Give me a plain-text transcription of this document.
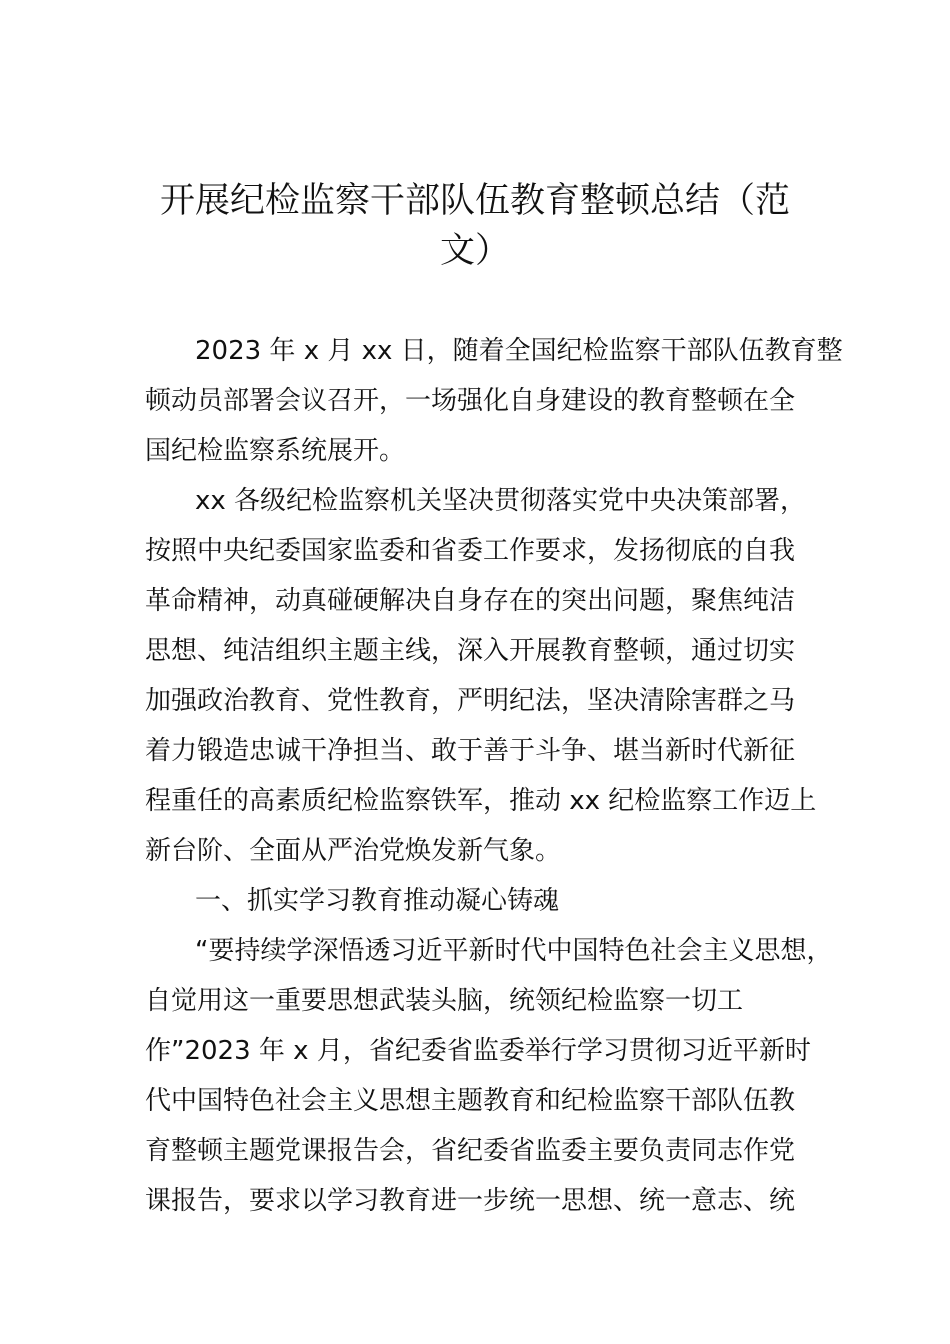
开展纪检监察干部队伍教育整顿总结（范
文）

2023 年 x 月 xx 日，随着全国纪检监察干部队伍教育整
顿动员部署会议召开，一场强化自身建设的教育整顿在全
国纪检监察系统展开。

xx 各级纪检监察机关坚决贯彻落实党中央决策部署，
按照中央纪委国家监委和省委工作要求，发扬彻底的自我
革命精神，动真碰硬解决自身存在的突出问题，聚焦纯洁
思想、纯洁组织主题主线，深入开展教育整顿，通过切实
加强政治教育、党性教育，严明纪法，坚决清除害群之马
着力锻造忠诚干净担当、敢于善于斗争、堪当新时代新征
程重任的高素质纪检监察铁军，推动 xx 纪检监察工作迈上
新台阶、全面从严治党焕发新气象。

一、抓实学习教育推动凝心铸魂

“要持续学深悟透习近平新时代中国特色社会主义思想，
自觉用这一重要思想武装头脑，统领纪检监察一切工
作”2023 年 x 月，省纪委省监委举行学习贯彻习近平新时
代中国特色社会主义思想主题教育和纪检监察干部队伍教
育整顿主题党课报告会，省纪委省监委主要负责同志作党
课报告，要求以学习教育进一步统一思想、统一意志、统
